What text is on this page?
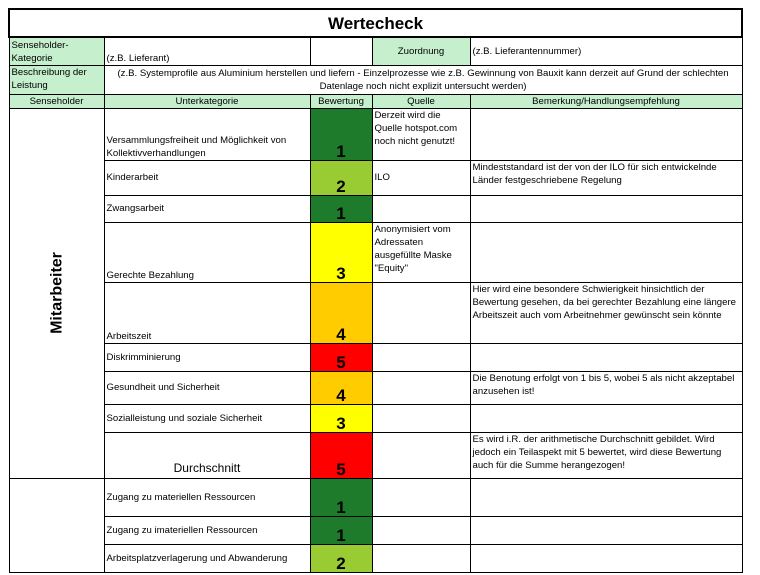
Wertecheck				
Senseholder-Kategorie	(z.B. Lieferant)		Zuordnung	(z.B. Lieferantennummer)
Beschreibung der Leistung	(z.B. Systemprofile aus Aluminium herstellen und liefern - Einzelprozesse wie z.B. Gewinnung von Bauxit kann derzeit auf Grund der schlechten Datenlage noch nicht explizit untersucht werden)			
Senseholder	Unterkategorie	Bewertung	Quelle	Bemerkung/Handlungsempfehlung

Mitarbeiter	Versammlungsfreiheit und Möglichkeit von Kollektivverhandlungen	1	Derzeit wird die Quelle hotspot.com noch nicht genutzt!	
	Kinderarbeit	2	ILO	Mindeststandard ist der von der ILO für sich entwickelnde Länder festgeschriebene Regelung
	Zwangsarbeit	1		
	Gerechte Bezahlung	3	Anonymisiert vom Adressaten ausgefüllte Maske "Equity"	
	Arbeitszeit	4		Hier wird eine besondere Schwierigkeit hinsichtlich der Bewertung gesehen, da bei gerechter Bezahlung eine längere Arbeitszeit auch vom Arbeitnehmer gewünscht sein könnte
	Diskrimminierung	5		
	Gesundheit und Sicherheit	4		Die Benotung erfolgt von 1 bis 5, wobei 5 als nicht akzeptabel anzusehen ist!
	Sozialleistung und soziale Sicherheit	3		
	Durchschnitt	5		Es wird i.R. der arithmetische Durchschnitt gebildet. Wird jedoch ein Teilaspekt mit 5 bewertet, wird diese Bewertung auch für die Summe herangezogen!

	Zugang zu materiellen Ressourcen	1		
	Zugang zu imateriellen Ressourcen	1		
	Arbeitsplatzverlagerung und Abwanderung	2		
